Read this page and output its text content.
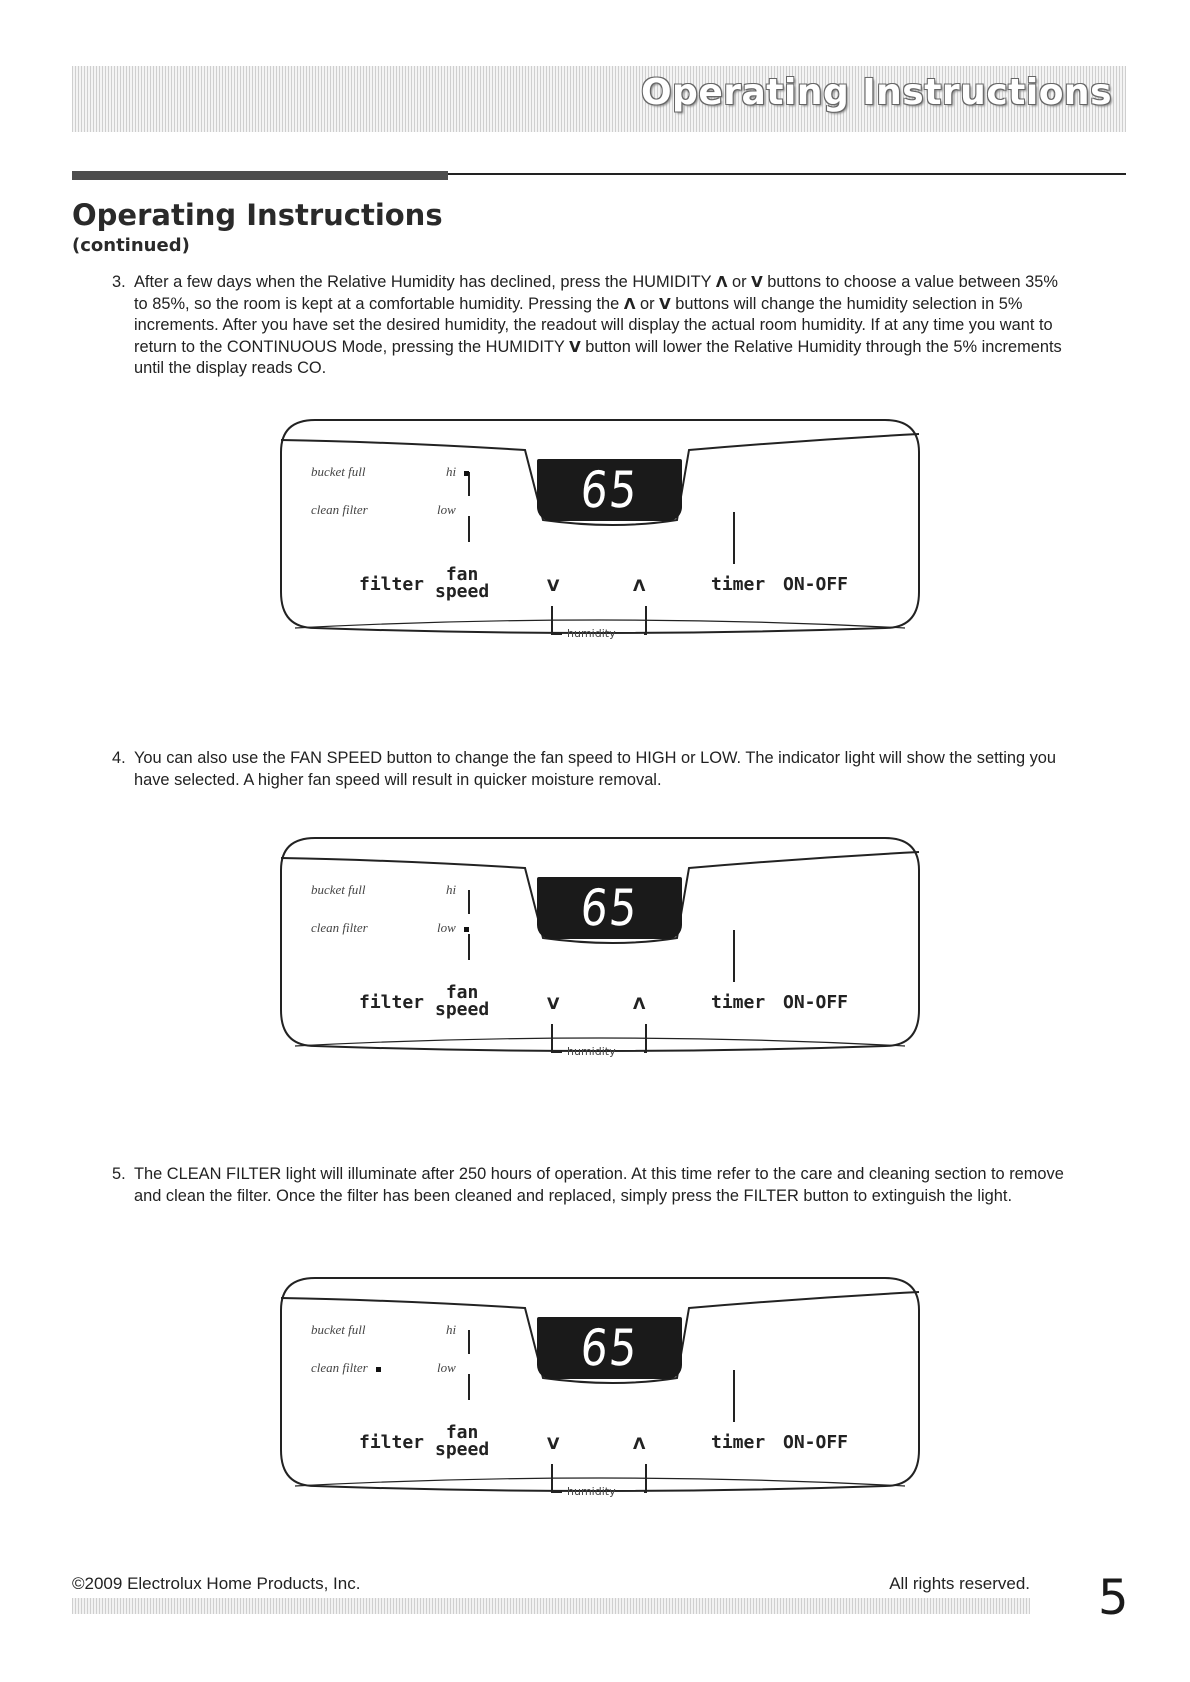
Operating Instructions
Operating Instructions
(continued)
3. After a few days when the Relative Humidity has declined, press the HUMIDITY Λ or V buttons to choose a value between 35% to 85%, so the room is kept at a comfortable humidity. Pressing the Λ or V buttons will change the humidity selection in 5% increments. After you have set the desired humidity, the readout will display the actual room humidity. If at any time you want to return to the CONTINUOUS Mode, pressing the HUMIDITY V button will lower the Relative Humidity through the 5% increments until the display reads CO.
65
bucket full
clean filter
hi
low
filter	fan
speed	V	Λ	timer ON-OFF
humidity
4. You can also use the FAN SPEED button to change the fan speed to HIGH or LOW. The indicator light will show the setting you have selected. A higher fan speed will result in quicker moisture removal.
65
bucket full
clean filter
hi
low
filter	fan
speed	V	Λ	timer ON-OFF
humidity
5. The CLEAN FILTER light will illuminate after 250 hours of operation. At this time refer to the care and cleaning section to remove and clean the filter. Once the filter has been cleaned and replaced, simply press the FILTER button to extinguish the light.
65
bucket full
clean filter
hi
low
filter	fan
speed	V	Λ	timer ON-OFF
humidity
©2009 Electrolux Home Products, Inc.	All rights reserved. 5
